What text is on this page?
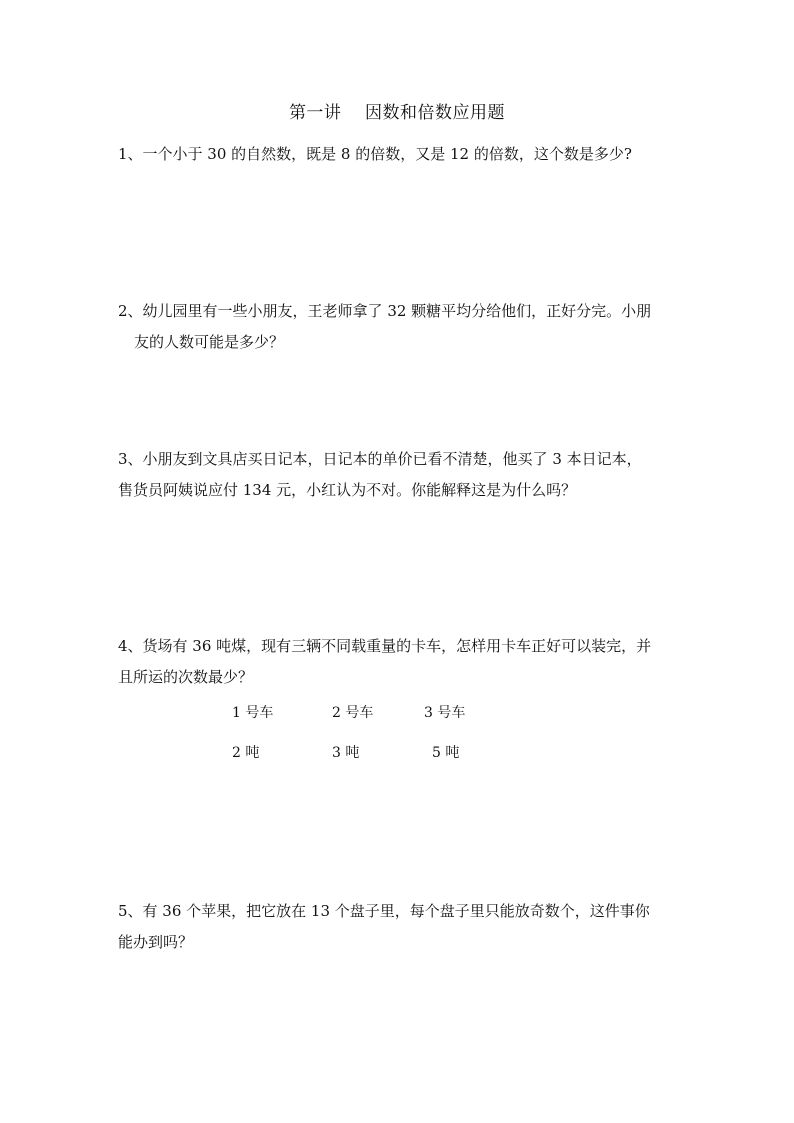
第一讲    因数和倍数应用题

1、一个小于 30 的自然数，既是 8 的倍数，又是 12 的倍数，这个数是多少?

2、幼儿园里有一些小朋友，王老师拿了 32 颗糖平均分给他们，正好分完。小朋

友的人数可能是多少？

3、小朋友到文具店买日记本，日记本的单价已看不清楚，他买了 3 本日记本，

售货员阿姨说应付 134 元，小红认为不对。你能解释这是为什么吗？

4、货场有 36 吨煤，现有三辆不同载重量的卡车，怎样用卡车正好可以装完，并

且所运的次数最少？

1 号车	2 号车	3 号车
2 吨	3 吨	5 吨

5、有 36 个苹果，把它放在 13 个盘子里，每个盘子里只能放奇数个，这件事你

能办到吗？
